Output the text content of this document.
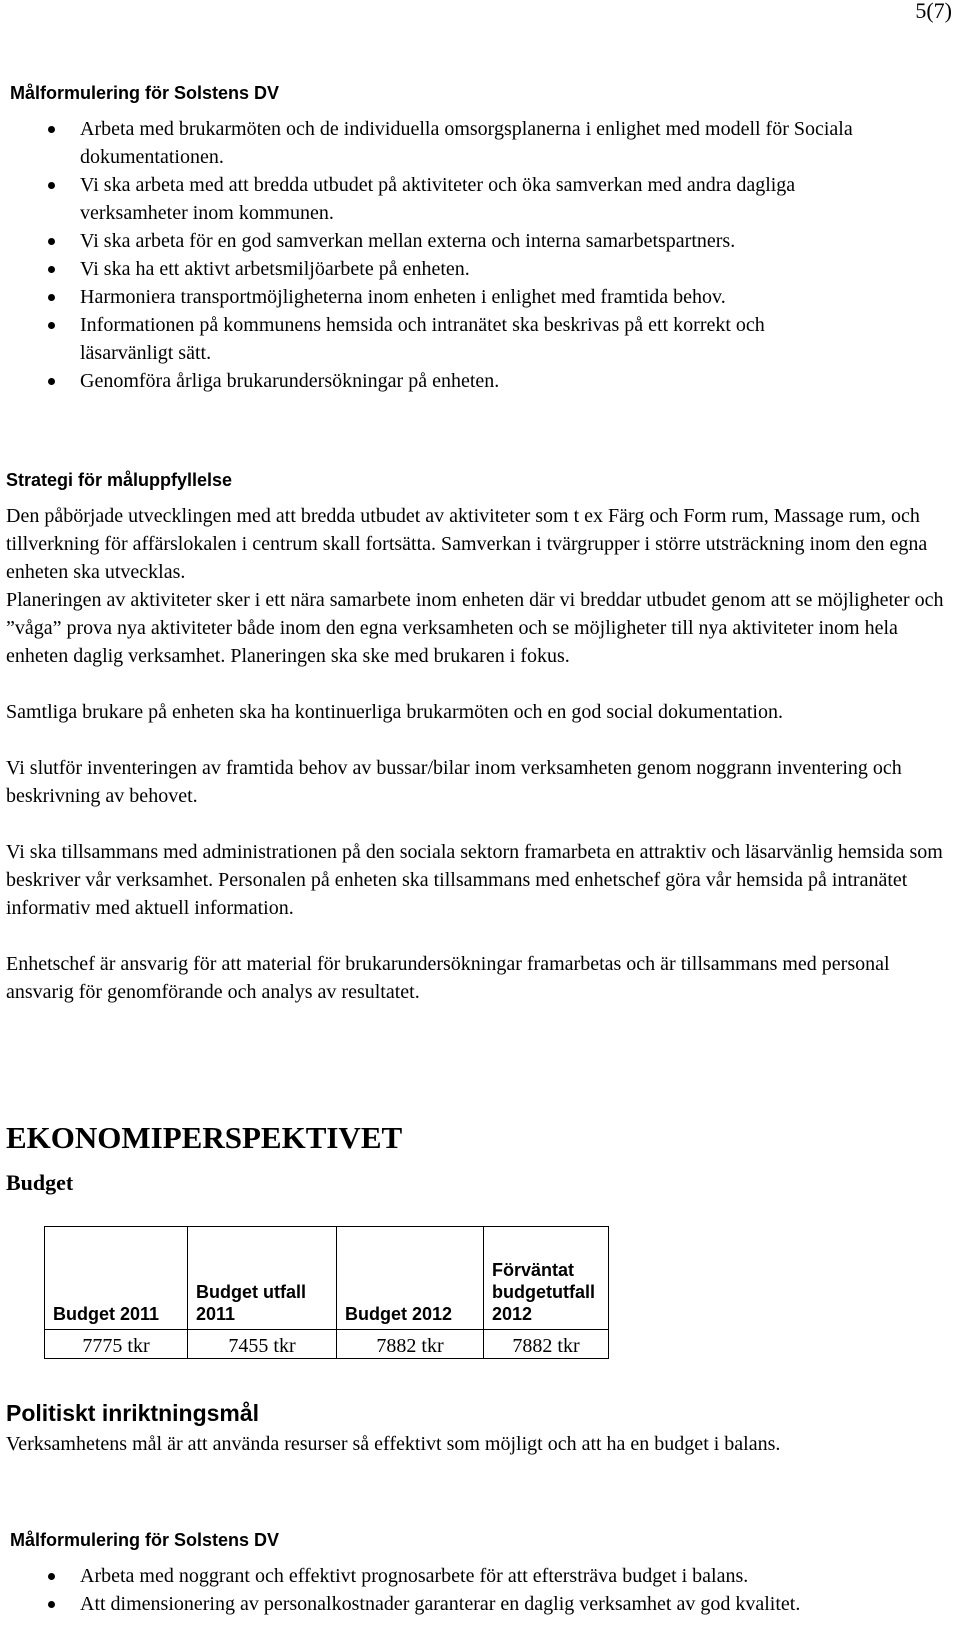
5(7)
Målformulering för Solstens DV
Arbeta med brukarmöten och de individuella omsorgsplanerna i enlighet med modell för Sociala dokumentationen.
Vi ska arbeta med att bredda utbudet på aktiviteter och öka samverkan med andra dagliga verksamheter inom kommunen.
Vi ska arbeta för en god samverkan mellan externa och interna samarbetspartners.
Vi ska ha ett aktivt arbetsmiljöarbete på enheten.
Harmoniera transportmöjligheterna inom enheten i enlighet med framtida behov.
Informationen på kommunens hemsida och intranätet ska beskrivas på ett korrekt och läsarvänligt sätt.
Genomföra årliga brukarundersökningar på enheten.
Strategi för måluppfyllelse

Den påbörjade utvecklingen med att bredda utbudet av aktiviteter som t ex Färg och Form rum, Massage rum, och tillverkning för affärslokalen i centrum skall fortsätta. Samverkan i tvärgrupper i större utsträckning inom den egna enheten ska utvecklas.

Planeringen av aktiviteter sker i ett nära samarbete inom enheten där vi breddar utbudet genom att se möjligheter och ”våga” prova nya aktiviteter både inom den egna verksamheten och se möjligheter till nya aktiviteter inom hela enheten daglig verksamhet. Planeringen ska ske med brukaren i fokus.

Samtliga brukare på enheten ska ha kontinuerliga brukarmöten och en god social dokumentation.

Vi slutför inventeringen av framtida behov av bussar/bilar inom verksamheten genom noggrann inventering och beskrivning av behovet.

Vi ska tillsammans med administrationen på den sociala sektorn framarbeta en attraktiv och läsarvänlig hemsida som beskriver vår verksamhet. Personalen på enheten ska tillsammans med enhetschef göra vår hemsida på intranätet informativ med aktuell information.

Enhetschef är ansvarig för att material för brukarundersökningar framarbetas och är tillsammans med personal ansvarig för genomförande och analys av resultatet.

EKONOMIPERSPEKTIVET
Budget
Budget 2011	Budget utfall 2011	Budget 2012	Förväntat budgetutfall 2012
7775 tkr	7455 tkr	7882 tkr	7882 tkr
Politiskt inriktningsmål
Verksamhetens mål är att använda resurser så effektivt som möjligt och att ha en budget i balans.
Målformulering för Solstens DV
Arbeta med noggrant och effektivt prognosarbete för att eftersträva budget i balans.
Att dimensionering av personalkostnader garanterar en daglig verksamhet av god kvalitet.
